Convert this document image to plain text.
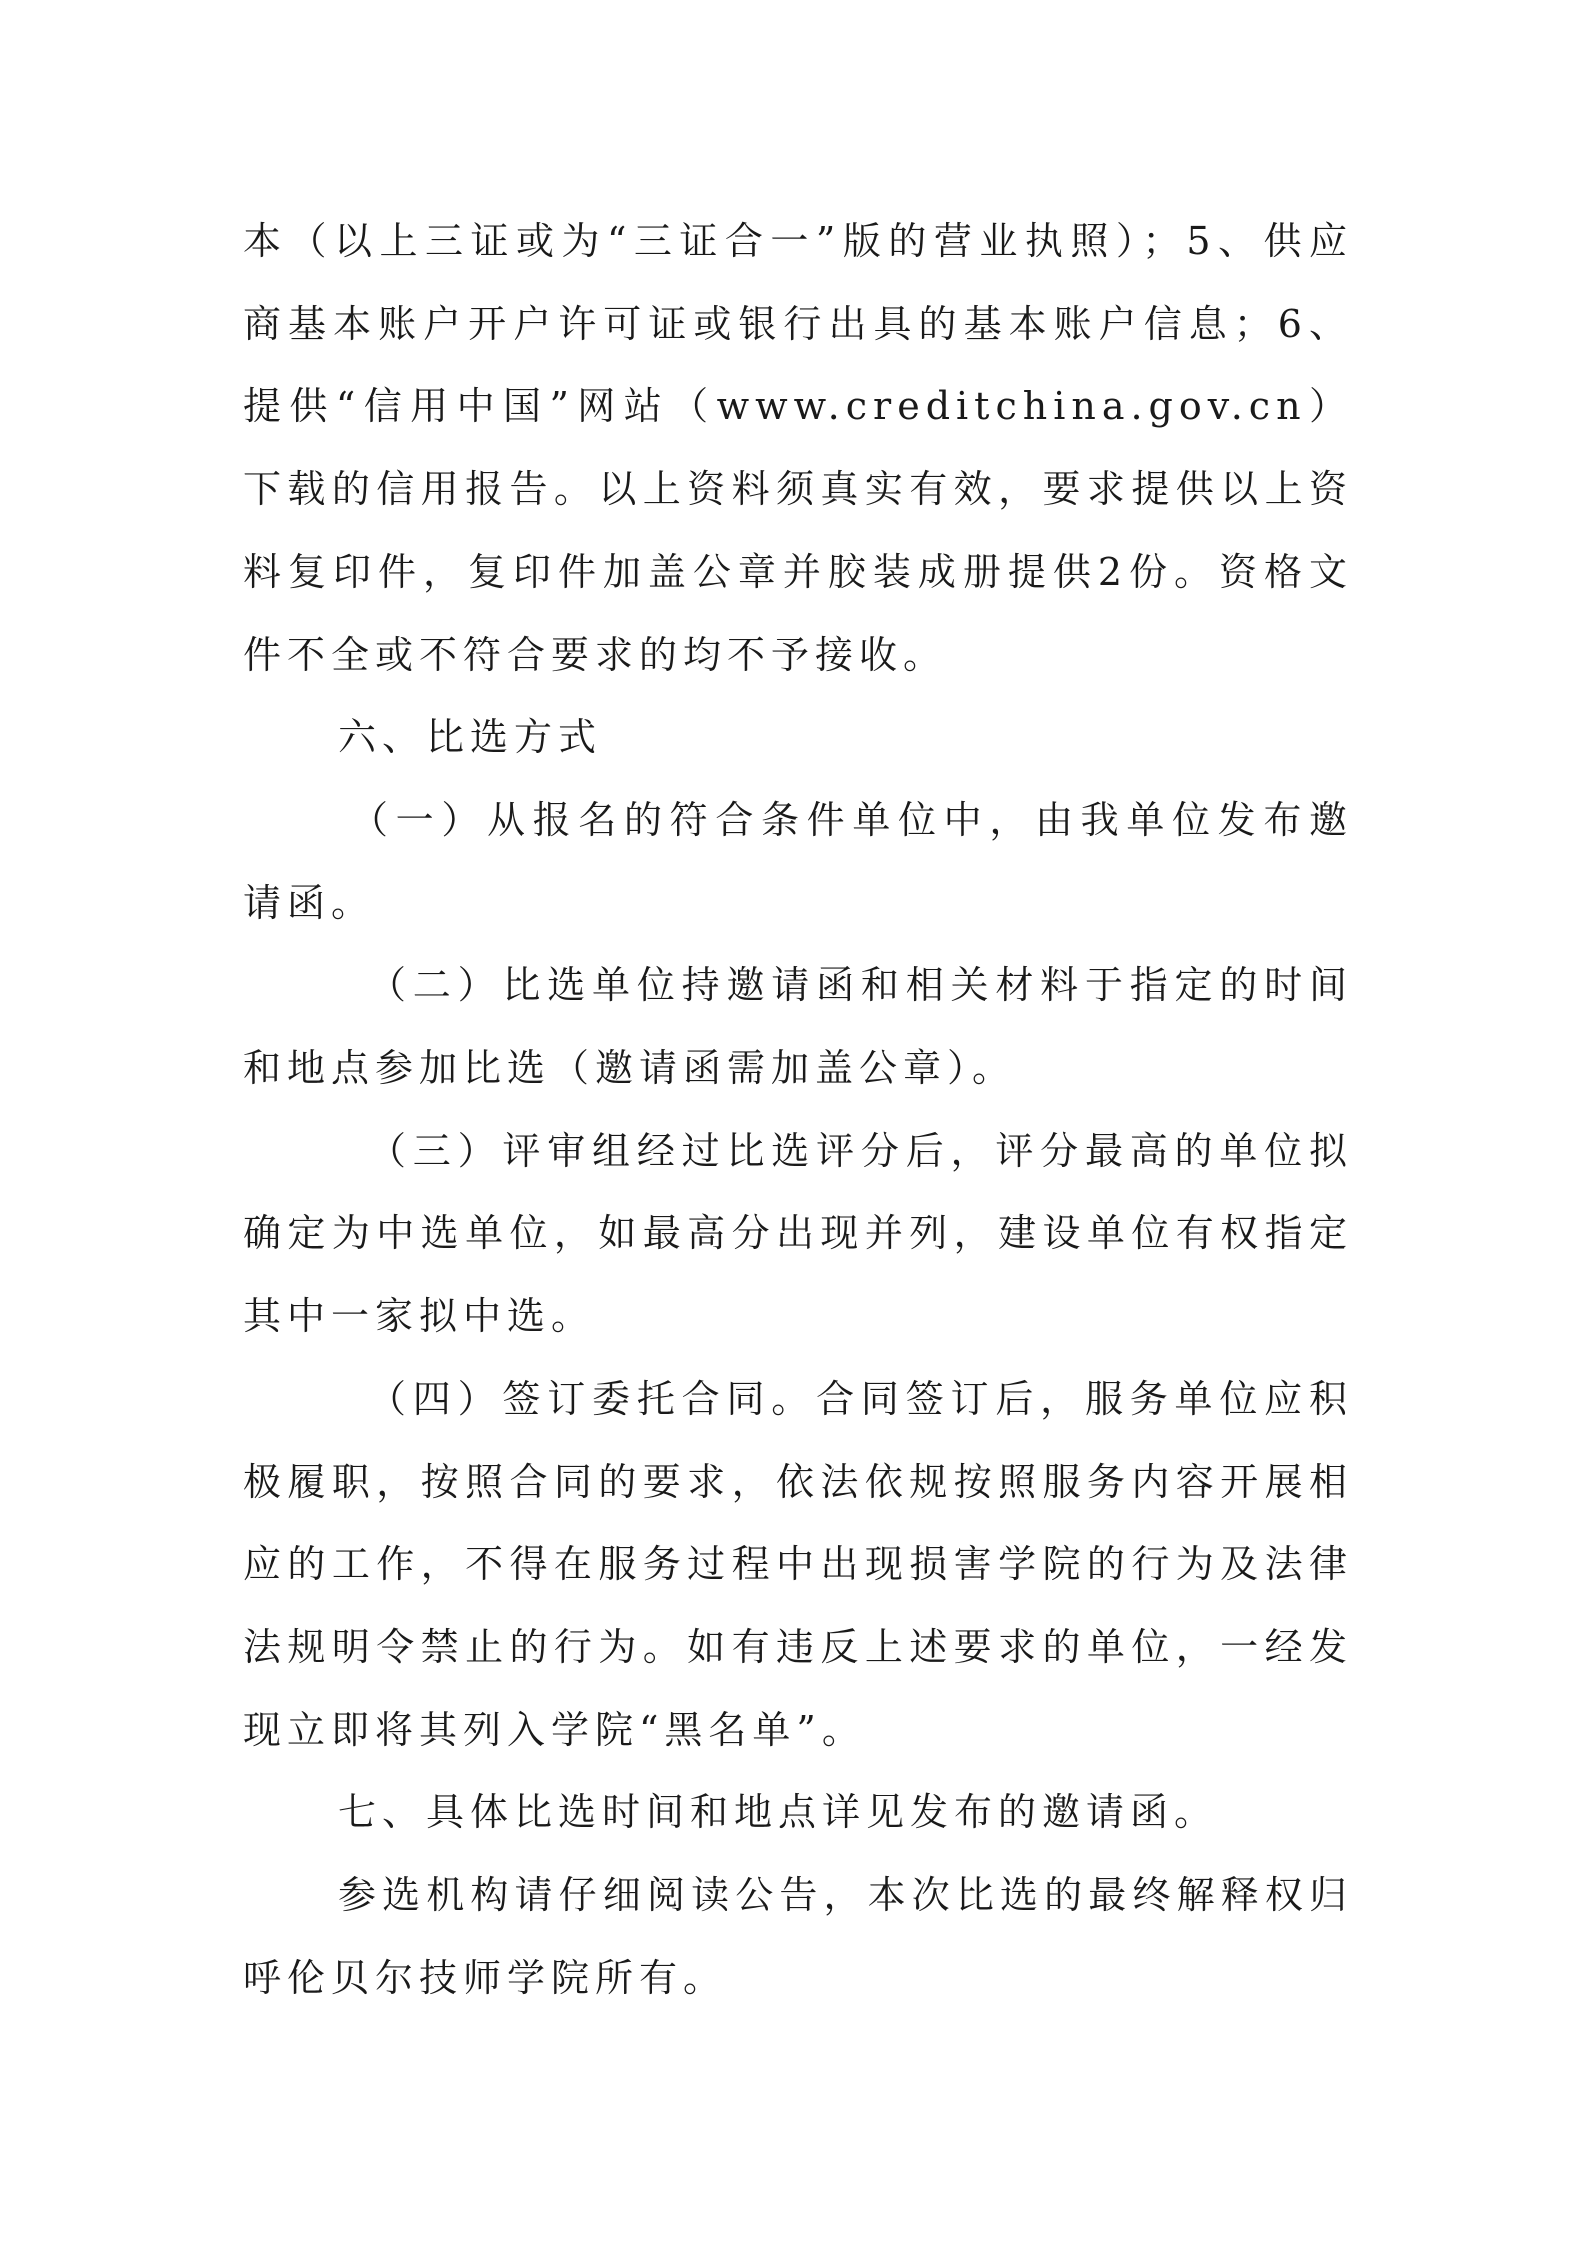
本（以上三证或为“三证合一”版的营业执照）；5、供应商基本账户开户许可证或银行出具的基本账户信息；6、提供“信用中国”网站（www.creditchina.gov.cn）下载的信用报告。以上资料须真实有效，要求提供以上资料复印件，复印件加盖公章并胶装成册提供2份。资格文件不全或不符合要求的均不予接收。

六、比选方式

（一）从报名的符合条件单位中，由我单位发布邀请函。

（二）比选单位持邀请函和相关材料于指定的时间和地点参加比选（邀请函需加盖公章）。

（三）评审组经过比选评分后，评分最高的单位拟确定为中选单位，如最高分出现并列，建设单位有权指定其中一家拟中选。

（四）签订委托合同。合同签订后，服务单位应积极履职，按照合同的要求，依法依规按照服务内容开展相应的工作，不得在服务过程中出现损害学院的行为及法律法规明令禁止的行为。如有违反上述要求的单位，一经发现立即将其列入学院“黑名单”。

七、具体比选时间和地点详见发布的邀请函。

参选机构请仔细阅读公告，本次比选的最终解释权归呼伦贝尔技师学院所有。
